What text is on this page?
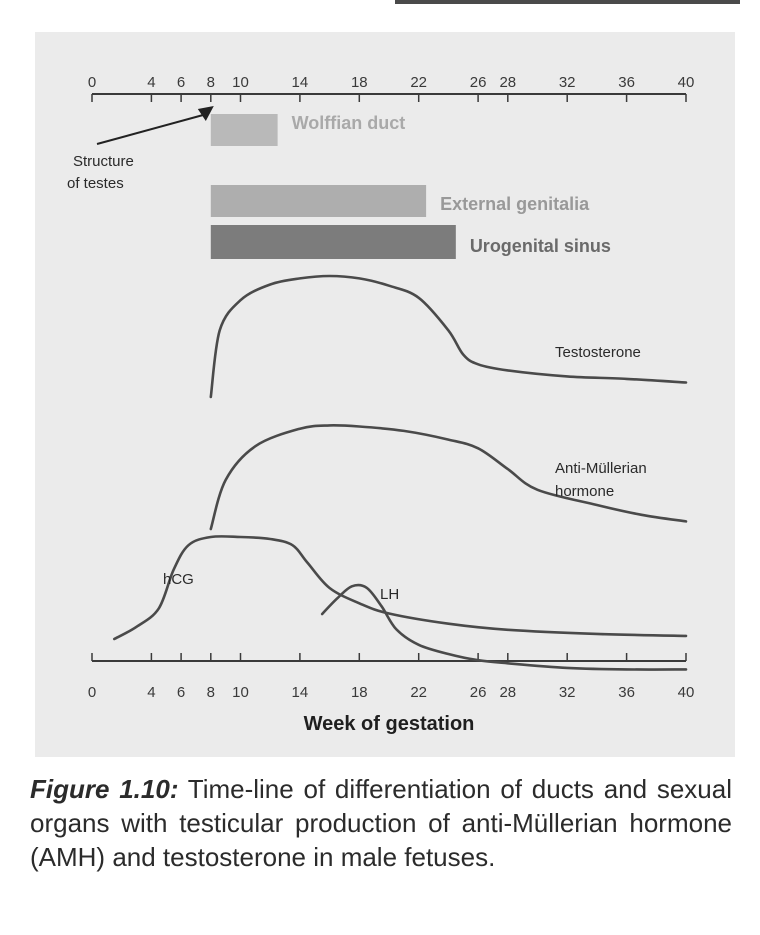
0	4 6 8 10	14	18	22	26 28	32	36	40
0	4 6 8 10	14	18	22	26 28	32	36	40
Week of gestation
Structure
of testes
Wolffian duct
External genitalia
Urogenital sinus
Testosterone
Anti-Müllerian
hormone
hCG
LH
Figure 1.10: Time-line of differentiation of ducts and sexual organs with testicular production of anti-Müllerian hormone (AMH) and testosterone in male fetuses.
